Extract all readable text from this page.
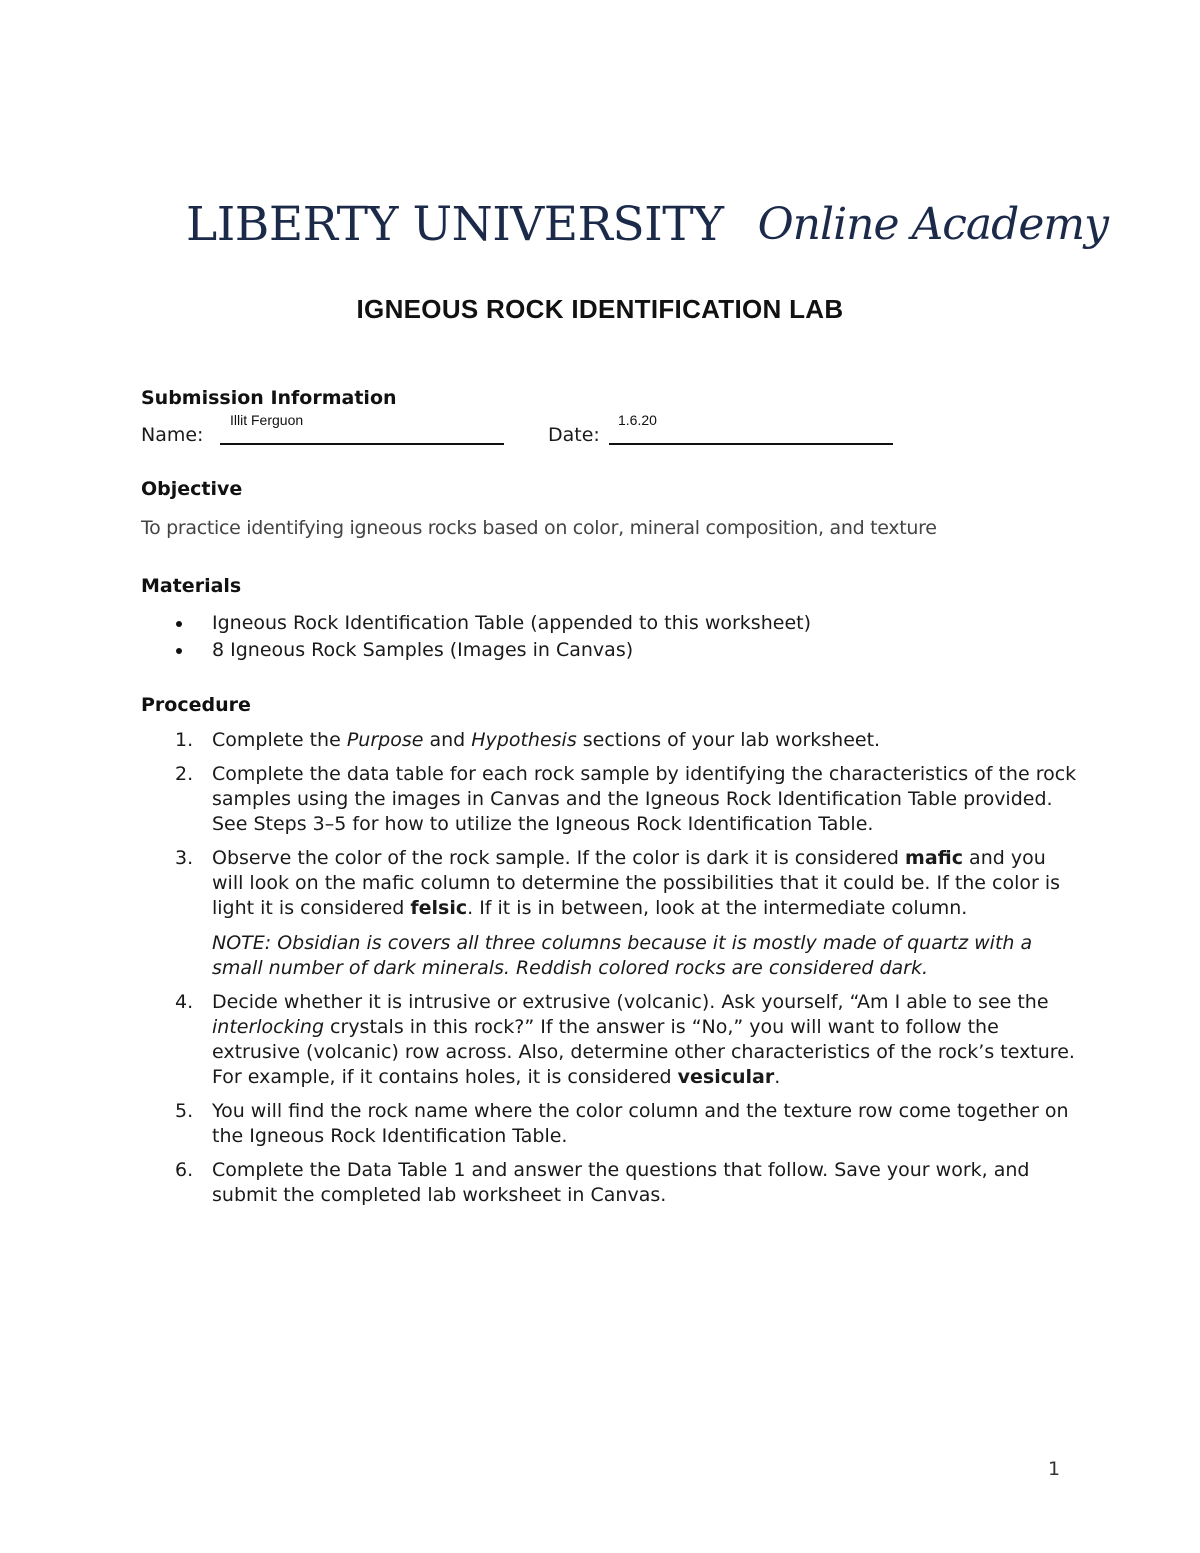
LIBERTY UNIVERSITY Online Academy
IGNEOUS ROCK IDENTIFICATION LAB
Submission Information
Name:
Illit Ferguon
Date:
1.6.20
Objective
To practice identifying igneous rocks based on color, mineral composition, and texture
Materials
Igneous Rock Identification Table (appended to this worksheet)
8 Igneous Rock Samples (Images in Canvas)
Procedure
1. Complete the Purpose and Hypothesis sections of your lab worksheet.

2. Complete the data table for each rock sample by identifying the characteristics of the rock samples using the images in Canvas and the Igneous Rock Identification Table provided. See Steps 3–5 for how to utilize the Igneous Rock Identification Table.

3. Observe the color of the rock sample. If the color is dark it is considered mafic and you will look on the mafic column to determine the possibilities that it could be. If the color is light it is considered felsic. If it is in between, look at the intermediate column.

NOTE: Obsidian is covers all three columns because it is mostly made of quartz with a small number of dark minerals. Reddish colored rocks are considered dark.

4. Decide whether it is intrusive or extrusive (volcanic). Ask yourself, “Am I able to see the interlocking crystals in this rock?” If the answer is “No,” you will want to follow the extrusive (volcanic) row across. Also, determine other characteristics of the rock’s texture. For example, if it contains holes, it is considered vesicular.

5. You will find the rock name where the color column and the texture row come together on the Igneous Rock Identification Table.

6. Complete the Data Table 1 and answer the questions that follow. Save your work, and submit the completed lab worksheet in Canvas.

1
